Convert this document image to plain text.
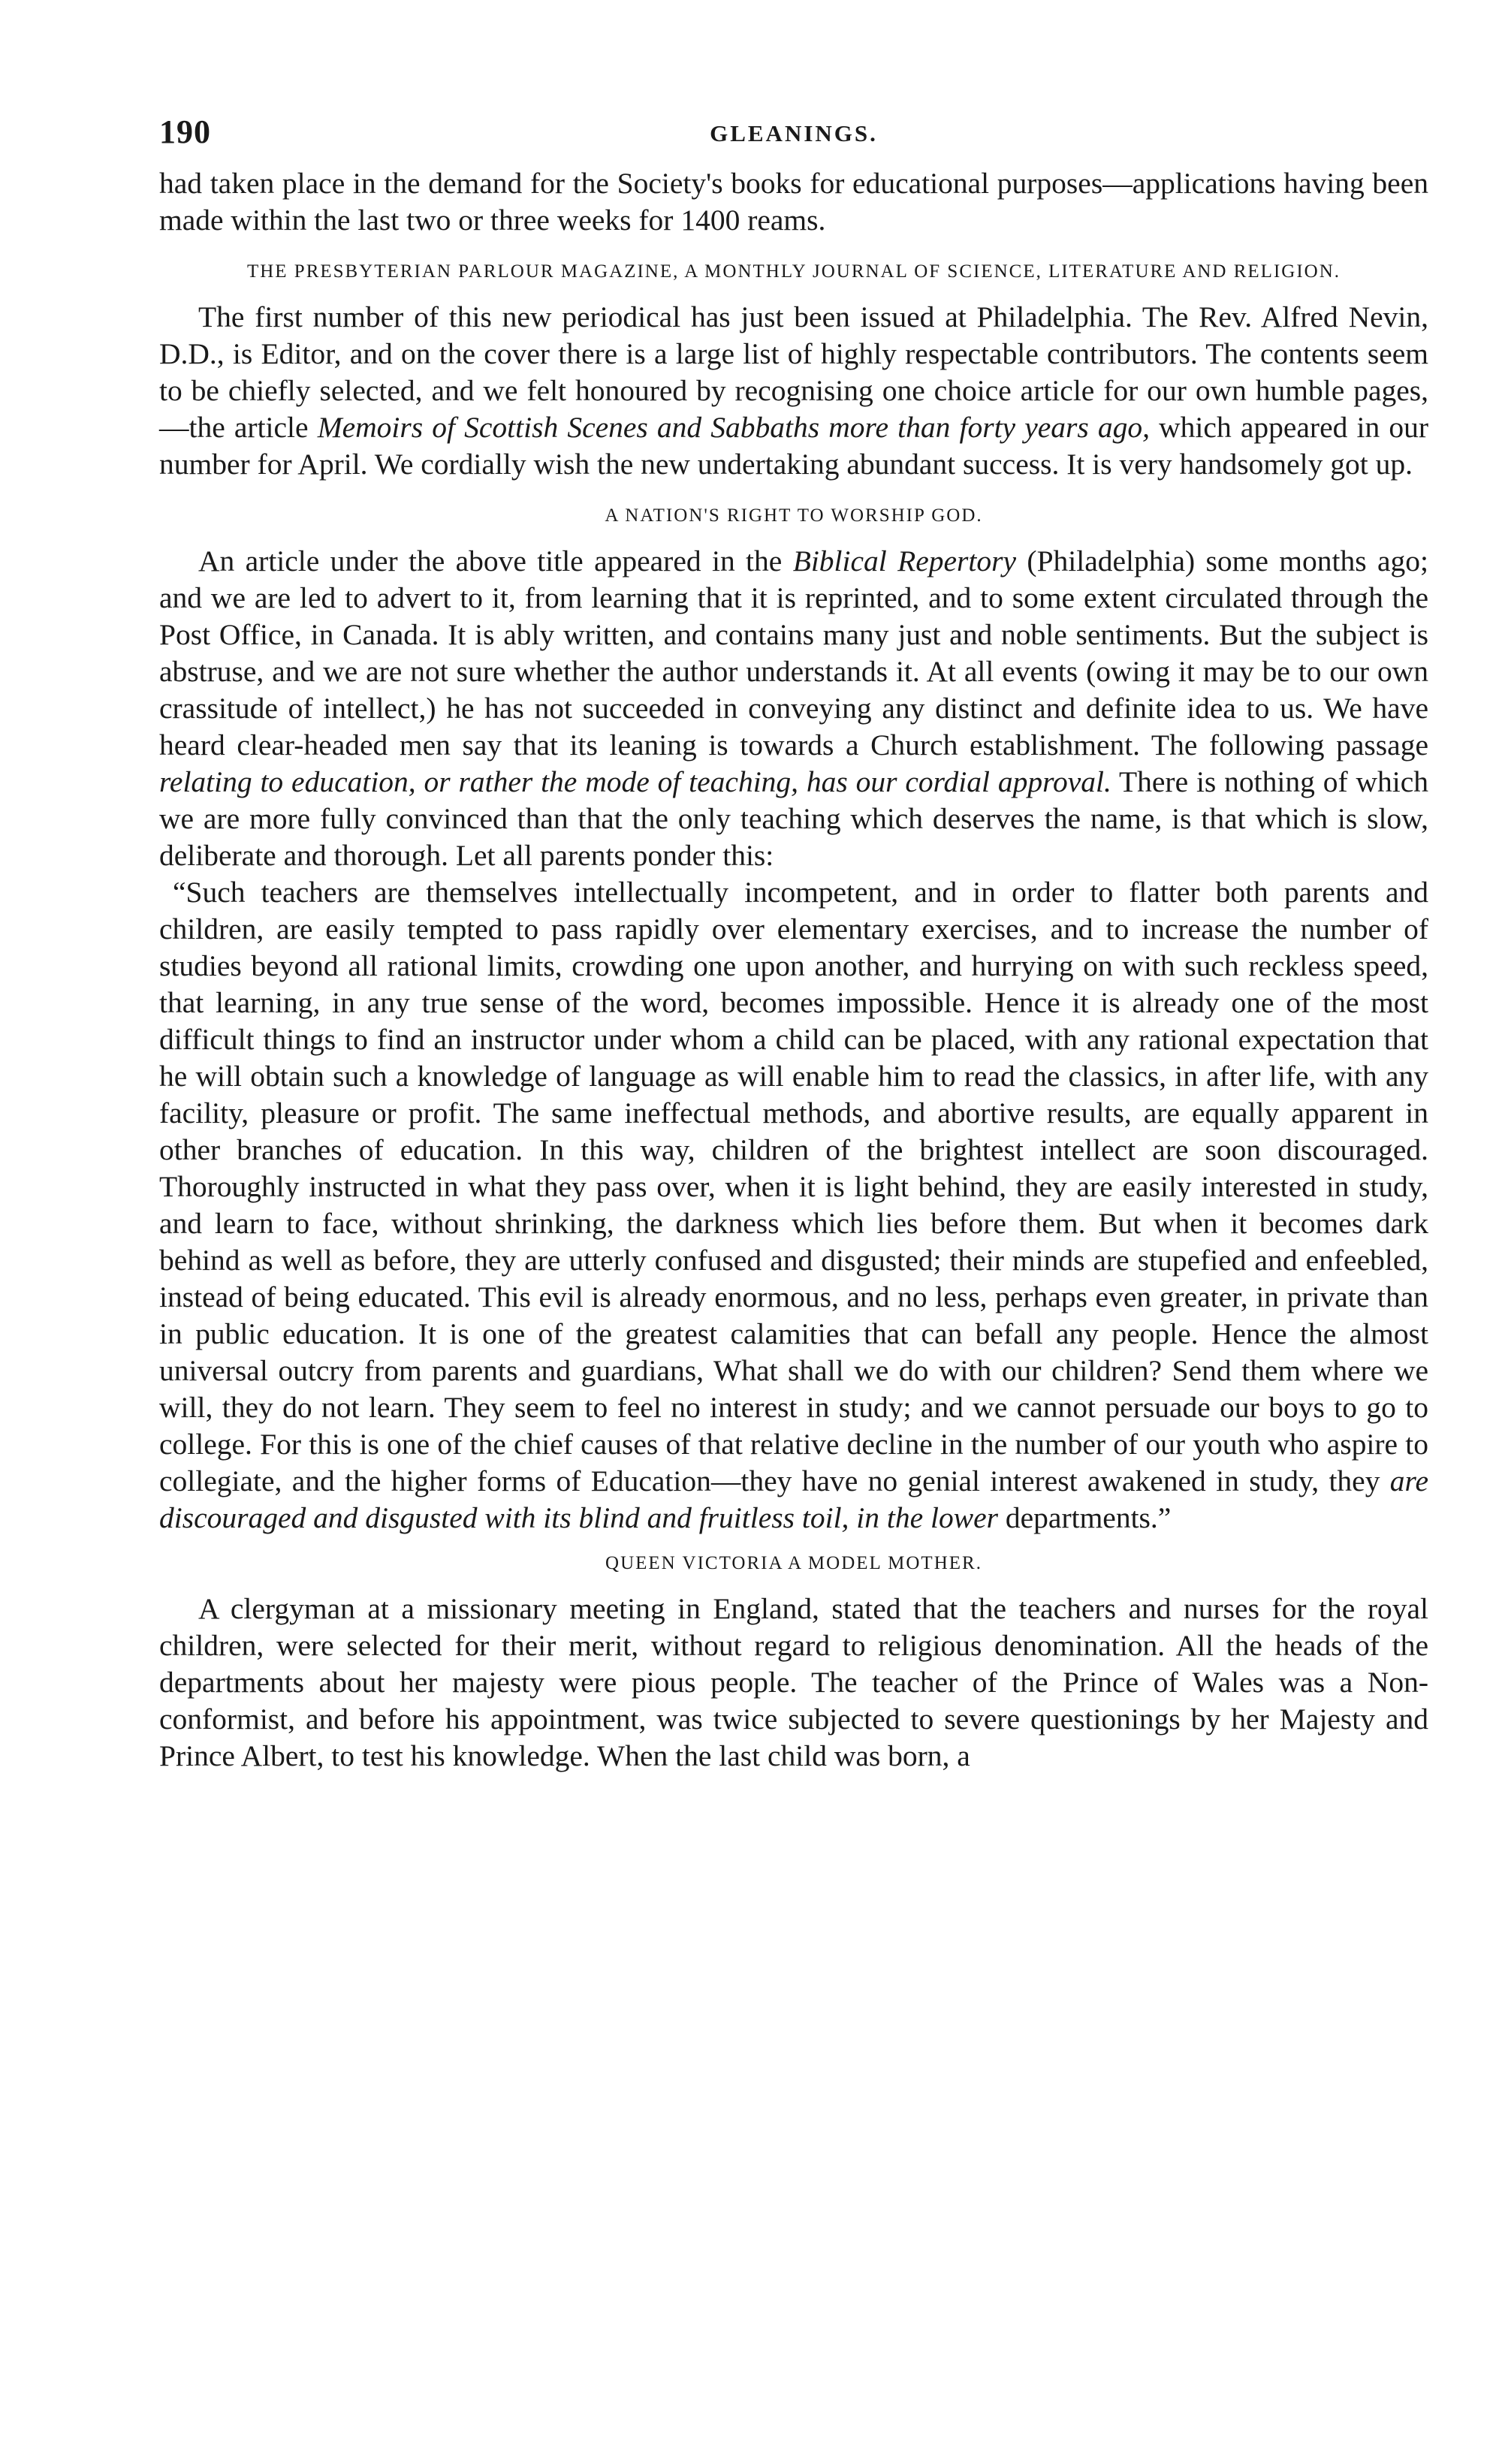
190	GLEANINGS.

had taken place in the demand for the Society's books for educational purposes—applications having been made within the last two or three weeks for 1400 reams.

THE PRESBYTERIAN PARLOUR MAGAZINE, A MONTHLY JOURNAL OF SCIENCE, LITERATURE AND RELIGION.

The first number of this new periodical has just been issued at Philadelphia. The Rev. Alfred Nevin, D.D., is Editor, and on the cover there is a large list of highly respectable contributors. The contents seem to be chiefly selected, and we felt honoured by recognising one choice article for our own humble pages,—the article Memoirs of Scottish Scenes and Sabbaths more than forty years ago, which appeared in our number for April. We cordially wish the new undertaking abundant success. It is very handsomely got up.

A NATION'S RIGHT TO WORSHIP GOD.

An article under the above title appeared in the Biblical Repertory (Philadelphia) some months ago; and we are led to advert to it, from learning that it is reprinted, and to some extent circulated through the Post Office, in Canada. It is ably written, and contains many just and noble sentiments. But the subject is abstruse, and we are not sure whether the author understands it. At all events (owing it may be to our own crassitude of intellect,) he has not succeeded in conveying any distinct and definite idea to us. We have heard clear-headed men say that its leaning is towards a Church establishment. The following passage relating to education, or rather the mode of teaching, has our cordial approval. There is nothing of which we are more fully convinced than that the only teaching which deserves the name, is that which is slow, deliberate and thorough. Let all parents ponder this:

“Such teachers are themselves intellectually incompetent, and in order to flatter both parents and children, are easily tempted to pass rapidly over elementary exercises, and to increase the number of studies beyond all rational limits, crowding one upon another, and hurrying on with such reckless speed, that learning, in any true sense of the word, becomes impossible. Hence it is already one of the most difficult things to find an instructor under whom a child can be placed, with any rational expectation that he will obtain such a knowledge of language as will enable him to read the classics, in after life, with any facility, pleasure or profit. The same ineffectual methods, and abortive results, are equally apparent in other branches of education. In this way, children of the brightest intellect are soon discouraged. Thoroughly instructed in what they pass over, when it is light behind, they are easily interested in study, and learn to face, without shrinking, the darkness which lies before them. But when it becomes dark behind as well as before, they are utterly confused and disgusted; their minds are stupefied and enfeebled, instead of being educated. This evil is already enormous, and no less, perhaps even greater, in private than in public education. It is one of the greatest calamities that can befall any people. Hence the almost universal outcry from parents and guardians, What shall we do with our children? Send them where we will, they do not learn. They seem to feel no interest in study; and we cannot persuade our boys to go to college. For this is one of the chief causes of that relative decline in the number of our youth who aspire to collegiate, and the higher forms of Education—they have no genial interest awakened in study, they are discouraged and disgusted with its blind and fruitless toil, in the lower departments.”

QUEEN VICTORIA A MODEL MOTHER.

A clergyman at a missionary meeting in England, stated that the teachers and nurses for the royal children, were selected for their merit, without regard to religious denomination. All the heads of the departments about her majesty were pious people. The teacher of the Prince of Wales was a Non-conformist, and before his appointment, was twice subjected to severe questionings by her Majesty and Prince Albert, to test his knowledge. When the last child was born, a
